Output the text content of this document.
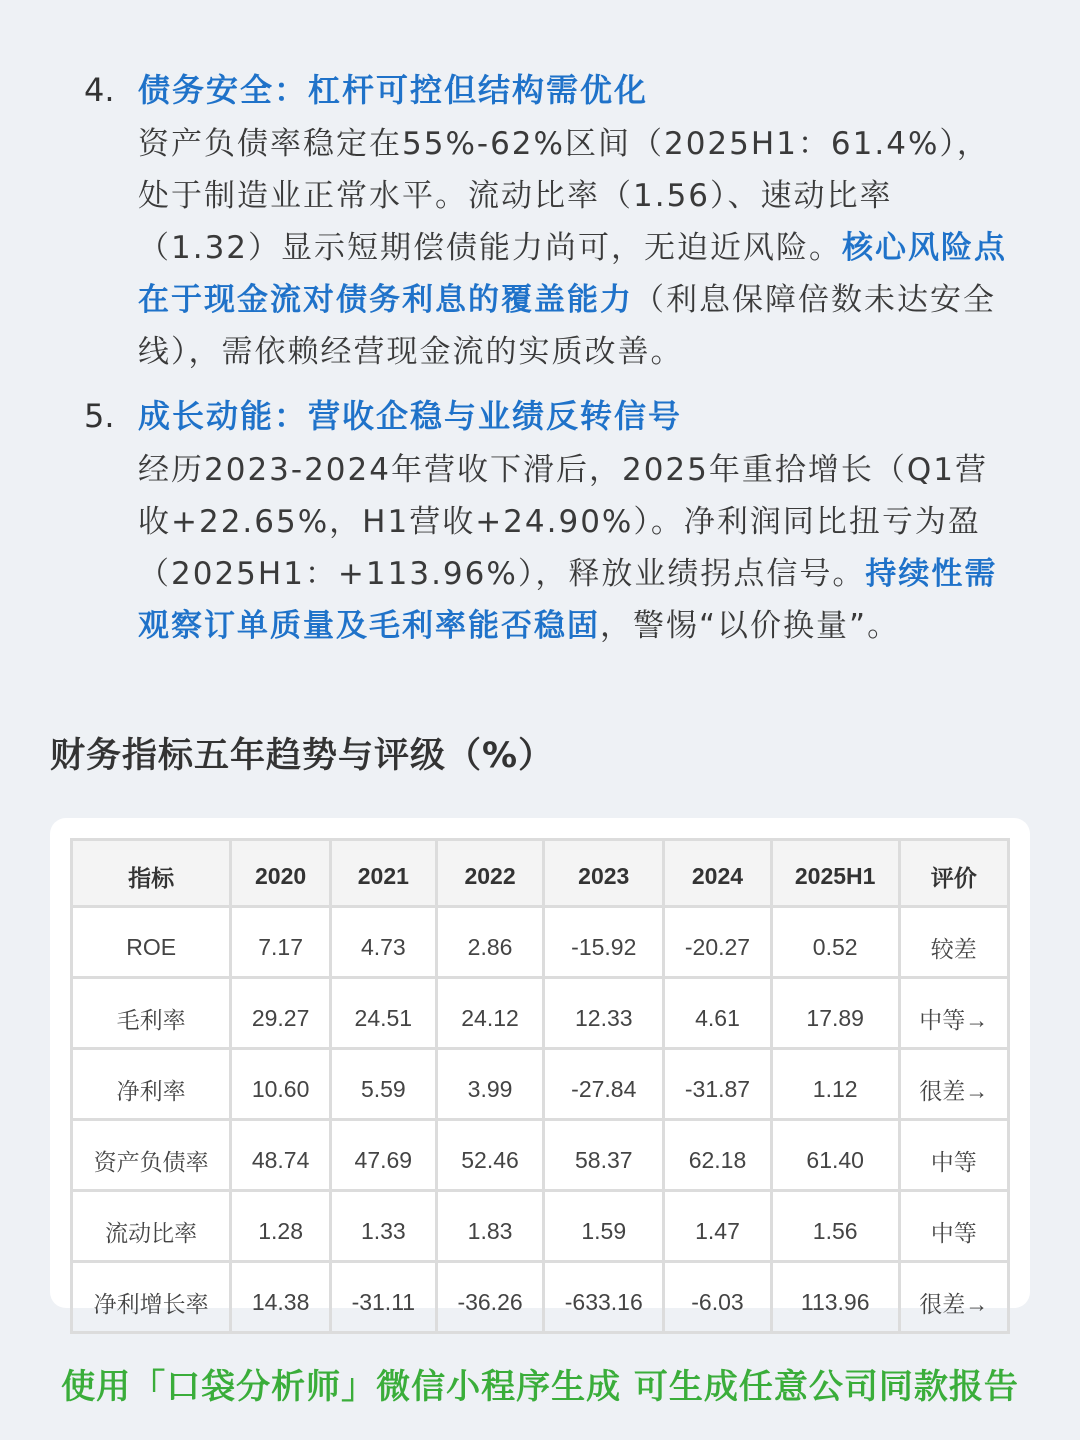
4. 债务安全：杠杆可控但结构需优化
资产负债率稳定在55%-62%区间（2025H1：61.4%），处于制造业正常水平。流动比率（1.56）、速动比率（1.32）显示短期偿债能力尚可，无迫近风险。核心风险点在于现金流对债务利息的覆盖能力（利息保障倍数未达安全线），需依赖经营现金流的实质改善。
5. 成长动能：营收企稳与业绩反转信号
经历2023-2024年营收下滑后，2025年重拾增长（Q1营收+22.65%，H1营收+24.90%）。净利润同比扭亏为盈（2025H1：+113.96%），释放业绩拐点信号。持续性需观察订单质量及毛利率能否稳固，警惕“以价换量”。
财务指标五年趋势与评级（%）
指标	2020	2021	2022	2023	2024	2025H1	评价
ROE	7.17	4.73	2.86	-15.92	-20.27	0.52	较差
毛利率	29.27	24.51	24.12	12.33	4.61	17.89	中等→
净利率	10.60	5.59	3.99	-27.84	-31.87	1.12	很差→
资产负债率	48.74	47.69	52.46	58.37	62.18	61.40	中等
流动比率	1.28	1.33	1.83	1.59	1.47	1.56	中等
净利增长率	14.38	-31.11	-36.26	-633.16	-6.03	113.96	很差→
使用「口袋分析师」微信小程序生成 可生成任意公司同款报告
